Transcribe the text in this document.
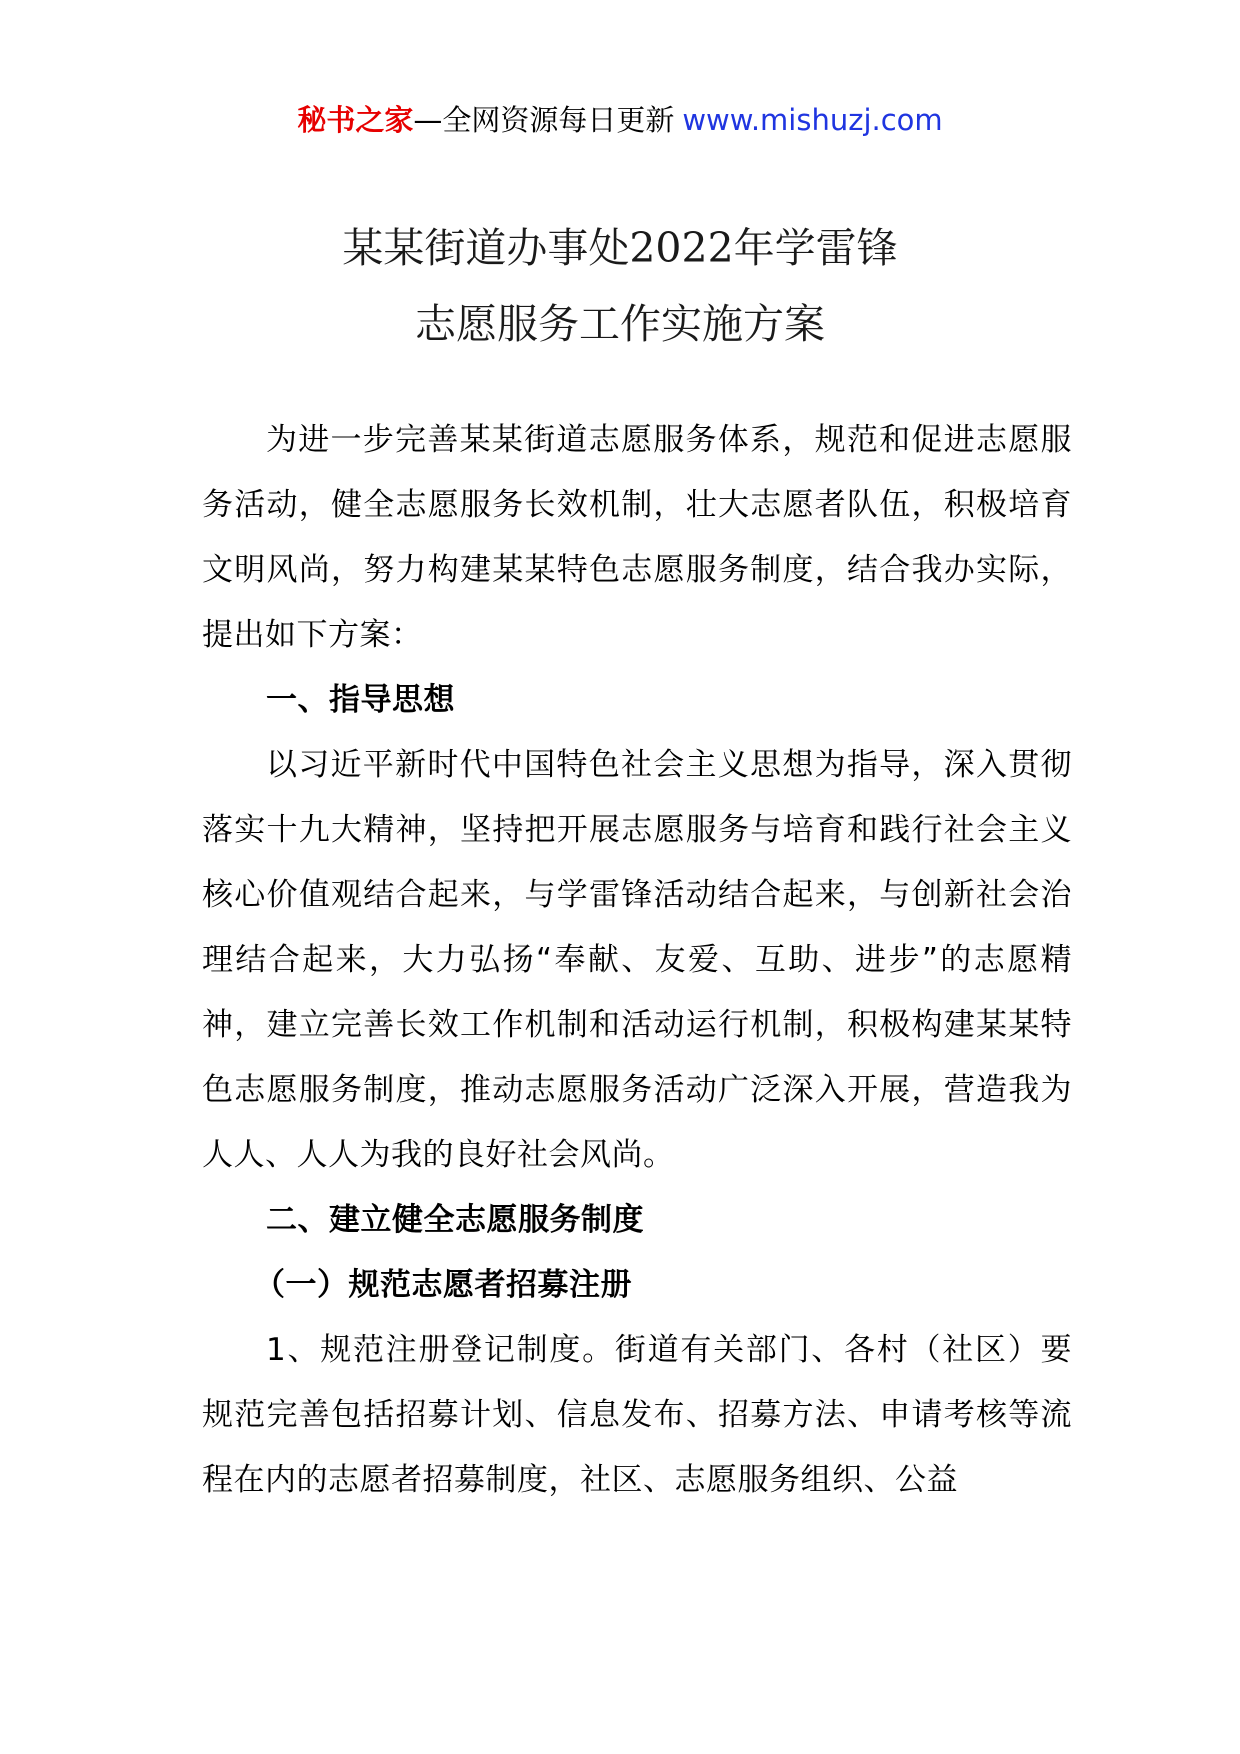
秘书之家—全网资源每日更新 www.mishuzj.com
某某街道办事处2022年学雷锋
志愿服务工作实施方案

为进一步完善某某街道志愿服务体系，规范和促进志愿服务活动，健全志愿服务长效机制，壮大志愿者队伍，积极培育文明风尚，努力构建某某特色志愿服务制度，结合我办实际，提出如下方案：

一、指导思想

以习近平新时代中国特色社会主义思想为指导，深入贯彻落实十九大精神，坚持把开展志愿服务与培育和践行社会主义核心价值观结合起来，与学雷锋活动结合起来，与创新社会治理结合起来，大力弘扬“奉献、友爱、互助、进步”的志愿精神，建立完善长效工作机制和活动运行机制，积极构建某某特色志愿服务制度，推动志愿服务活动广泛深入开展，营造我为人人、人人为我的良好社会风尚。

二、建立健全志愿服务制度
（一）规范志愿者招募注册

1、规范注册登记制度。街道有关部门、各村（社区）要规范完善包括招募计划、信息发布、招募方法、申请考核等流程在内的志愿者招募制度，社区、志愿服务组织、公益
